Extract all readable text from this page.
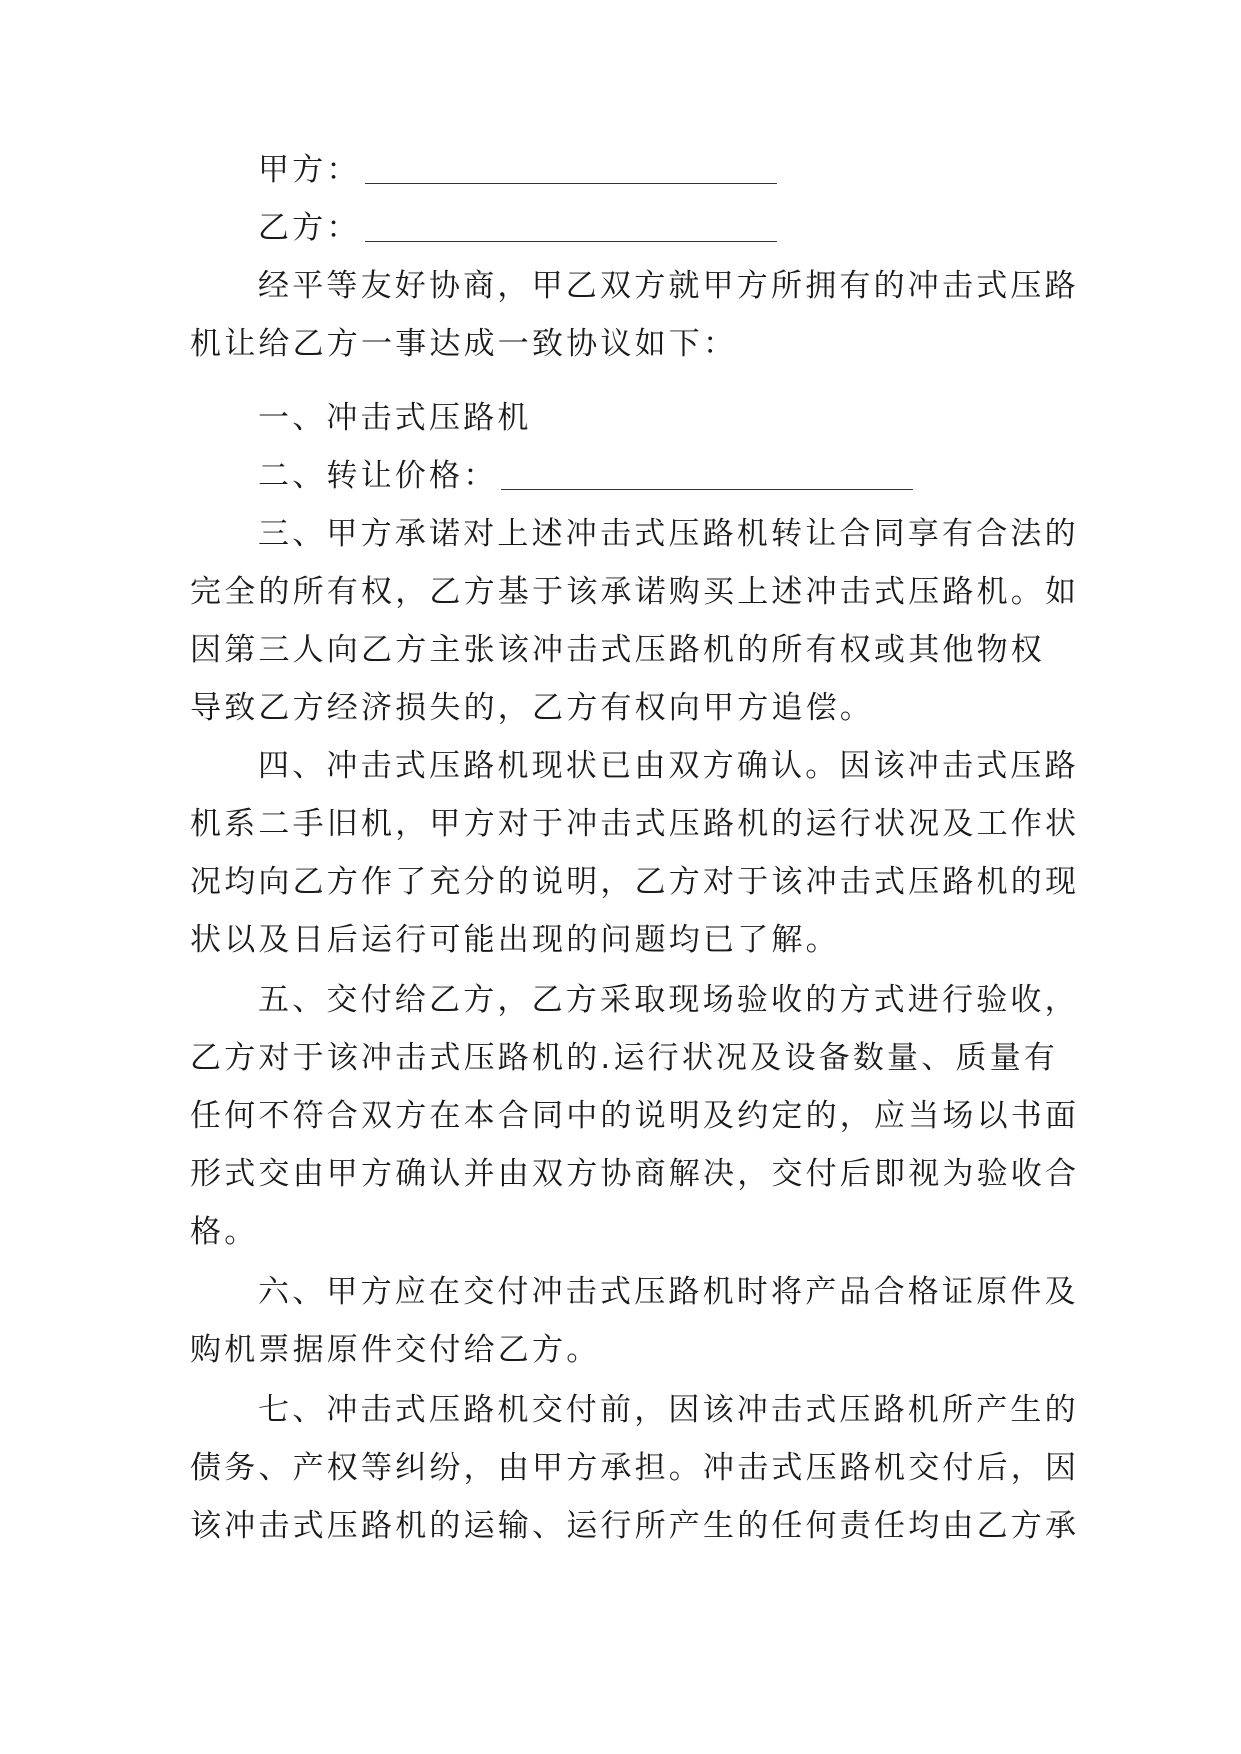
甲方：
乙方：
经平等友好协商，甲乙双方就甲方所拥有的冲击式压路
机让给乙方一事达成一致协议如下：
一、冲击式压路机
二、转让价格：
三、甲方承诺对上述冲击式压路机转让合同享有合法的
完全的所有权，乙方基于该承诺购买上述冲击式压路机。如
因第三人向乙方主张该冲击式压路机的所有权或其他物权
导致乙方经济损失的，乙方有权向甲方追偿。
四、冲击式压路机现状已由双方确认。因该冲击式压路
机系二手旧机，甲方对于冲击式压路机的运行状况及工作状
况均向乙方作了充分的说明，乙方对于该冲击式压路机的现
状以及日后运行可能出现的问题均已了解。
五、交付给乙方，乙方采取现场验收的方式进行验收，
乙方对于该冲击式压路机的.运行状况及设备数量、质量有
任何不符合双方在本合同中的说明及约定的，应当场以书面
形式交由甲方确认并由双方协商解决，交付后即视为验收合
格。
六、甲方应在交付冲击式压路机时将产品合格证原件及
购机票据原件交付给乙方。
七、冲击式压路机交付前，因该冲击式压路机所产生的
债务、产权等纠纷，由甲方承担。冲击式压路机交付后，因
该冲击式压路机的运输、运行所产生的任何责任均由乙方承
